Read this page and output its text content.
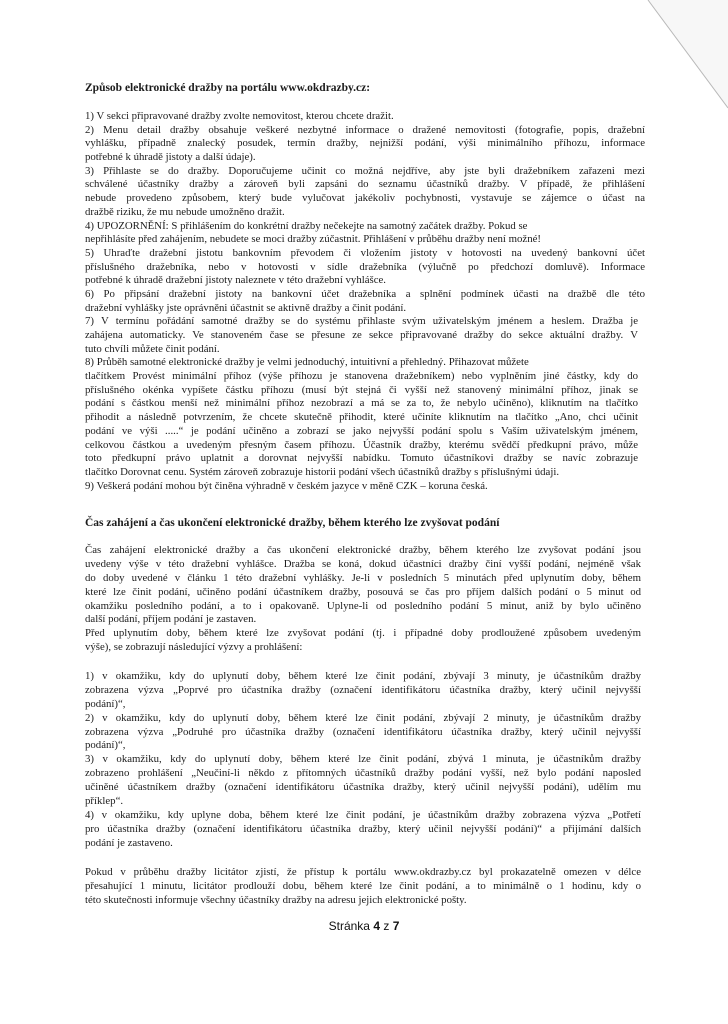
Způsob elektronické dražby na portálu www.okdrazby.cz:
1) V sekci připravované dražby zvolte nemovitost, kterou chcete dražit.
2) Menu detail dražby obsahuje veškeré nezbytné informace o dražené nemovitosti (fotografie, popis, dražební
vyhlášku, případně znalecký posudek, termín dražby, nejnižší podání, výši minimálního příhozu, informace
potřebné k úhradě jistoty a další údaje).
3) Přihlaste se do dražby. Doporučujeme učinit co možná nejdříve, aby jste byli dražebníkem zařazeni mezi
schválené účastníky dražby a zároveň byli zapsáni do seznamu účastníků dražby. V případě, že přihlášení
nebude provedeno způsobem, který bude vylučovat jakékoliv pochybnosti, vystavuje se zájemce o účast na
dražbě riziku, že mu nebude umožněno dražit.
4) UPOZORNĚNÍ: S přihlášením do konkrétní dražby nečekejte na samotný začátek dražby. Pokud se
nepřihlásíte před zahájením, nebudete se moci dražby zúčastnit. Přihlášení v průběhu dražby není možné!
5) Uhraďte dražební jistotu bankovním převodem či vložením jistoty v hotovosti na uvedený bankovní účet
příslušného dražebníka, nebo v hotovosti v sídle dražebníka (výlučně po předchozí domluvě). Informace
potřebné k úhradě dražební jistoty naleznete v této dražební vyhlášce.
6) Po připsání dražební jistoty na bankovní účet dražebníka a splnění podmínek účasti na dražbě dle této
dražební vyhlášky jste oprávněni účastnit se aktivně dražby a činit podání.
7) V termínu pořádání samotné dražby se do systému přihlaste svým uživatelským jménem a heslem. Dražba je
zahájena automaticky. Ve stanoveném čase se přesune ze sekce připravované dražby do sekce aktuální dražby. V
tuto chvíli můžete činit podání.
8) Průběh samotné elektronické dražby je velmi jednoduchý, intuitivní a přehledný. Přihazovat můžete
tlačítkem Provést minimální příhoz (výše příhozu je stanovena dražebníkem) nebo vyplněním jiné částky, kdy do
příslušného okénka vypíšete částku příhozu (musí být stejná či vyšší než stanovený minimální příhoz, jinak se
podání s částkou menší než minimální příhoz nezobrazí a má se za to, že nebylo učiněno), kliknutím na tlačítko
přihodit a následně potvrzením, že chcete skutečně přihodit, které učiníte kliknutím na tlačítko „Ano, chci učinit
podání ve výši .....“ je podání učiněno a zobrazí se jako nejvyšší podání spolu s Vaším uživatelským jménem,
celkovou částkou a uvedeným přesným časem příhozu. Účastník dražby, kterému svědčí předkupní právo, může
toto předkupní právo uplatnit a dorovnat nejvyšší nabídku. Tomuto účastníkovi dražby se navíc zobrazuje
tlačítko Dorovnat cenu. Systém zároveň zobrazuje historii podání všech účastníků dražby s příslušnými údaji.
9) Veškerá podání mohou být činěna výhradně v českém jazyce v měně CZK – koruna česká.
Čas zahájení a čas ukončení elektronické dražby, během kterého lze zvyšovat podání
Čas zahájení elektronické dražby a čas ukončení elektronické dražby, během kterého lze zvyšovat podání jsou
uvedeny výše v této dražební vyhlášce. Dražba se koná, dokud účastníci dražby činí vyšší podání, nejméně však
do doby uvedené v článku 1 této dražební vyhlášky. Je-li v posledních 5 minutách před uplynutím doby, během
které lze činit podání, učiněno podání účastníkem dražby, posouvá se čas pro příjem dalších podání o 5 minut od
okamžiku posledního podání, a to i opakovaně. Uplyne-li od posledního podání 5 minut, aniž by bylo učiněno
další podání, příjem podání je zastaven.
Před uplynutím doby, během které lze zvyšovat podání (tj. i případné doby prodloužené způsobem uvedeným
výše), se zobrazují následující výzvy a prohlášení:
1) v okamžiku, kdy do uplynutí doby, během které lze činit podání, zbývají 3 minuty, je účastníkům dražby
zobrazena výzva „Poprvé pro účastníka dražby (označení identifikátoru účastníka dražby, který učinil nejvyšší
podání)“,
2) v okamžiku, kdy do uplynutí doby, během které lze činit podání, zbývají 2 minuty, je účastníkům dražby
zobrazena výzva „Podruhé pro účastníka dražby (označení identifikátoru účastníka dražby, který učinil nejvyšší
podání)“,
3) v okamžiku, kdy do uplynutí doby, během které lze činit podání, zbývá 1 minuta, je účastníkům dražby
zobrazeno prohlášení „Neučiní-li někdo z přítomných účastníků dražby podání vyšší, než bylo podání naposled
učiněné účastníkem dražby (označení identifikátoru účastníka dražby, který učinil nejvyšší podání), udělím mu
příklep“.
4) v okamžiku, kdy uplyne doba, během které lze činit podání, je účastníkům dražby zobrazena výzva „Potřetí
pro účastníka dražby (označení identifikátoru účastníka dražby, který učinil nejvyšší podání)“ a přijímání dalších
podání je zastaveno.
Pokud v průběhu dražby licitátor zjistí, že přístup k portálu www.okdrazby.cz byl prokazatelně omezen v délce
přesahující 1 minutu, licitátor prodlouží dobu, během které lze činit podání, a to minimálně o 1 hodinu, kdy o
této skutečnosti informuje všechny účastníky dražby na adresu jejich elektronické pošty.
Stránka 4 z 7
